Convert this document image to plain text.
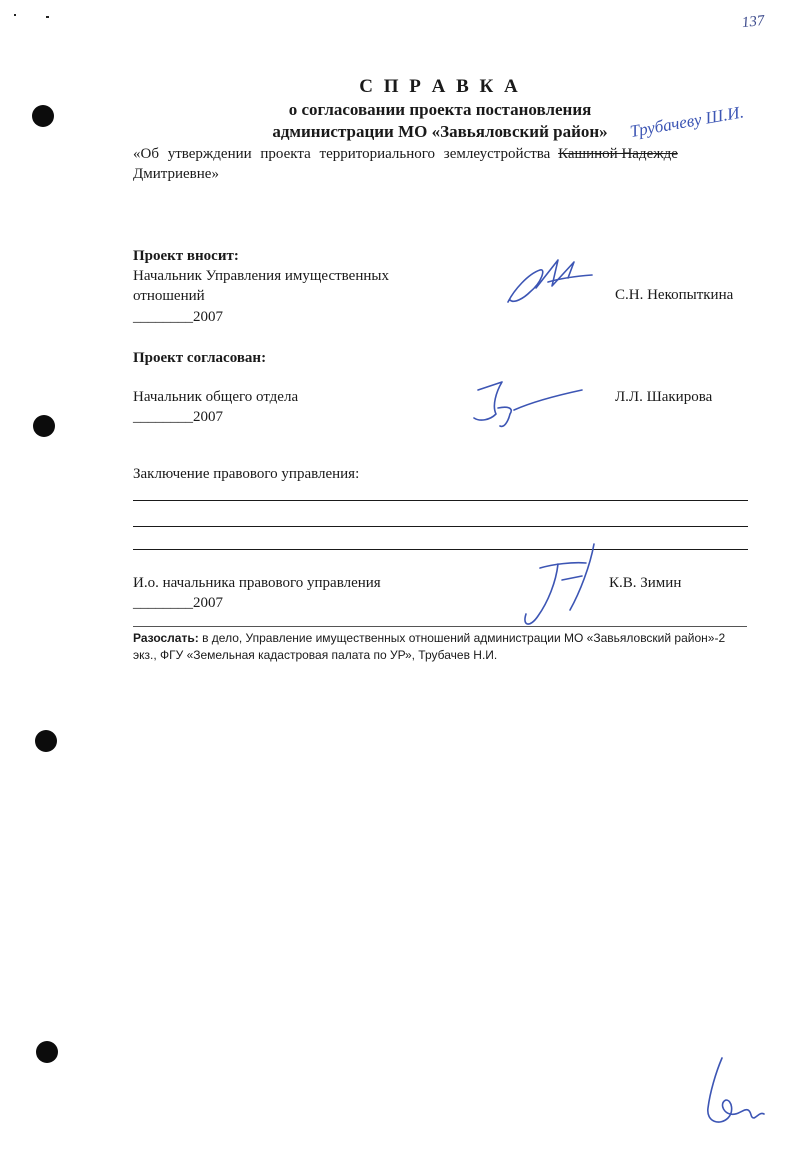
137
С П Р А В К А
о согласовании проекта постановления
администрации МО «Завьяловский район»	Трубачеву Ш.И.
«Об утверждении проекта территориального землеустройства Кашиной Надежде
Дмитриевне»
Проект вносит:
Начальник Управления имущественных
отношений
________2007
С.Н. Некопыткина
Проект согласован:
Начальник общего отдела
________2007
Л.Л. Шакирова
Заключение правового управления:
И.о. начальника правового управления
________2007
К.В. Зимин
Разослать: в дело, Управление имущественных отношений администрации МО «Завьяловский район»-2
экз., ФГУ «Земельная кадастровая палата по УР», Трубачев Н.И.
